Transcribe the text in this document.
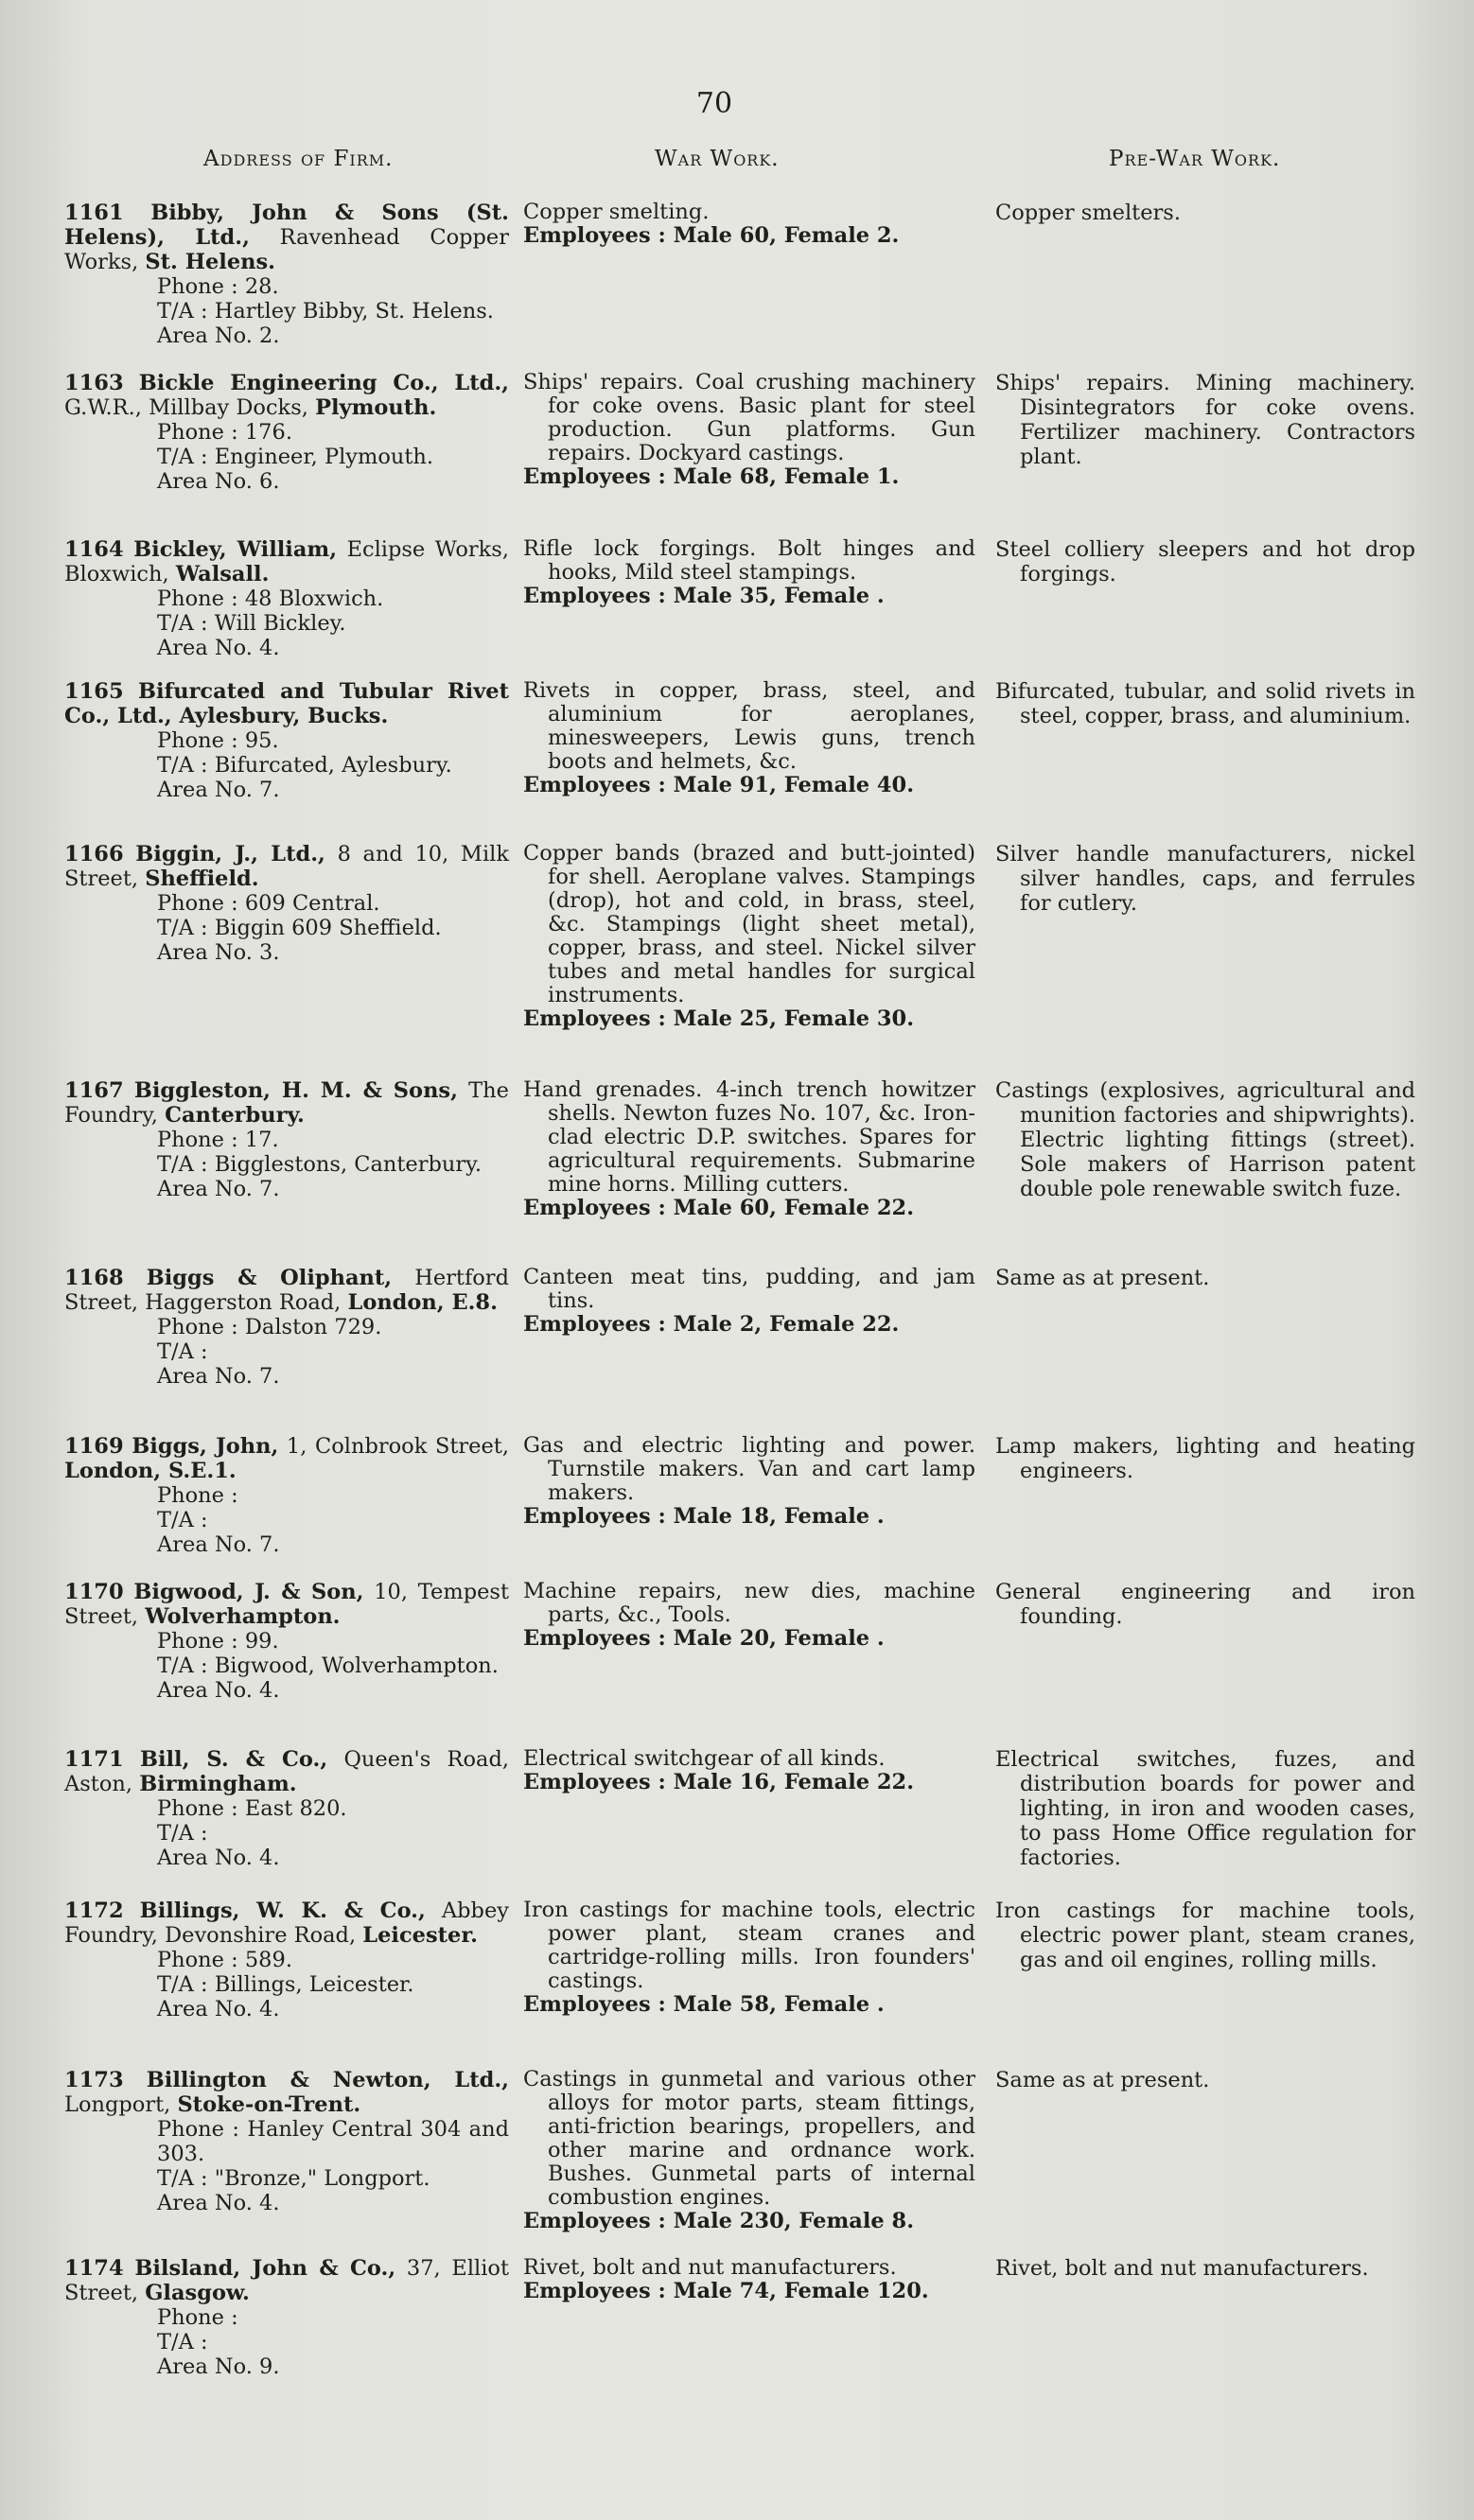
70
Address of Firm.	War Work.	Pre-War Work.
1161 Bibby, John & Sons (St. Helens), Ltd., Ravenhead Copper Works, St. Helens.
Phone : 28.
T/A : Hartley Bibby, St. Helens.
Area No. 2.
Copper smelting.
Employees : Male 60, Female 2.
Copper smelters.
1163 Bickle Engineering Co., Ltd., G.W.R., Millbay Docks, Plymouth.
Phone : 176.
T/A : Engineer, Plymouth.
Area No. 6.
Ships' repairs. Coal crushing machinery for coke ovens. Basic plant for steel production. Gun platforms. Gun repairs. Dockyard castings.
Employees : Male 68, Female 1.
Ships' repairs. Mining machinery. Disintegrators for coke ovens. Fertilizer machinery. Contractors plant.
1164 Bickley, William, Eclipse Works, Bloxwich, Walsall.
Phone : 48 Bloxwich.
T/A : Will Bickley.
Area No. 4.
Rifle lock forgings. Bolt hinges and hooks, Mild steel stampings.
Employees : Male 35, Female .
Steel colliery sleepers and hot drop forgings.
1165 Bifurcated and Tubular Rivet Co., Ltd., Aylesbury, Bucks.
Phone : 95.
T/A : Bifurcated, Aylesbury.
Area No. 7.
Rivets in copper, brass, steel, and aluminium for aeroplanes, minesweepers, Lewis guns, trench boots and helmets, &c.
Employees : Male 91, Female 40.
Bifurcated, tubular, and solid rivets in steel, copper, brass, and aluminium.
1166 Biggin, J., Ltd., 8 and 10, Milk Street, Sheffield.
Phone : 609 Central.
T/A : Biggin 609 Sheffield.
Area No. 3.
Copper bands (brazed and butt-jointed) for shell. Aeroplane valves. Stampings (drop), hot and cold, in brass, steel, &c. Stampings (light sheet metal), copper, brass, and steel. Nickel silver tubes and metal handles for surgical instruments.
Employees : Male 25, Female 30.
Silver handle manufacturers, nickel silver handles, caps, and ferrules for cutlery.
1167 Biggleston, H. M. & Sons, The Foundry, Canterbury.
Phone : 17.
T/A : Bigglestons, Canterbury.
Area No. 7.
Hand grenades. 4-inch trench howitzer shells. Newton fuzes No. 107, &c. Iron-clad electric D.P. switches. Spares for agricultural requirements. Submarine mine horns. Milling cutters.
Employees : Male 60, Female 22.
Castings (explosives, agricultural and munition factories and shipwrights). Electric lighting fittings (street). Sole makers of Harrison patent double pole renewable switch fuze.
1168 Biggs & Oliphant, Hertford Street, Haggerston Road, London, E.8.
Phone : Dalston 729.
T/A :
Area No. 7.
Canteen meat tins, pudding, and jam tins.
Employees : Male 2, Female 22.
Same as at present.
1169 Biggs, John, 1, Colnbrook Street, London, S.E.1.
Phone :
T/A :
Area No. 7.
Gas and electric lighting and power. Turnstile makers. Van and cart lamp makers.
Employees : Male 18, Female .
Lamp makers, lighting and heating engineers.
1170 Bigwood, J. & Son, 10, Tempest Street, Wolverhampton.
Phone : 99.
T/A : Bigwood, Wolverhampton.
Area No. 4.
Machine repairs, new dies, machine parts, &c., Tools.
Employees : Male 20, Female .
General engineering and iron founding.
1171 Bill, S. & Co., Queen's Road, Aston, Birmingham.
Phone : East 820.
T/A :
Area No. 4.
Electrical switchgear of all kinds.
Employees : Male 16, Female 22.
Electrical switches, fuzes, and distribution boards for power and lighting, in iron and wooden cases, to pass Home Office regulation for factories.
1172 Billings, W. K. & Co., Abbey Foundry, Devonshire Road, Leicester.
Phone : 589.
T/A : Billings, Leicester.
Area No. 4.
Iron castings for machine tools, electric power plant, steam cranes and cartridge-rolling mills. Iron founders' castings.
Employees : Male 58, Female .
Iron castings for machine tools, electric power plant, steam cranes, gas and oil engines, rolling mills.
1173 Billington & Newton, Ltd., Longport, Stoke-on-Trent.
Phone : Hanley Central 304 and 303.
T/A : "Bronze," Longport.
Area No. 4.
Castings in gunmetal and various other alloys for motor parts, steam fittings, anti-friction bearings, propellers, and other marine and ordnance work. Bushes. Gunmetal parts of internal combustion engines.
Employees : Male 230, Female 8.
Same as at present.
1174 Bilsland, John & Co., 37, Elliot Street, Glasgow.
Phone :
T/A :
Area No. 9.
Rivet, bolt and nut manufacturers.
Employees : Male 74, Female 120.
Rivet, bolt and nut manufacturers.
